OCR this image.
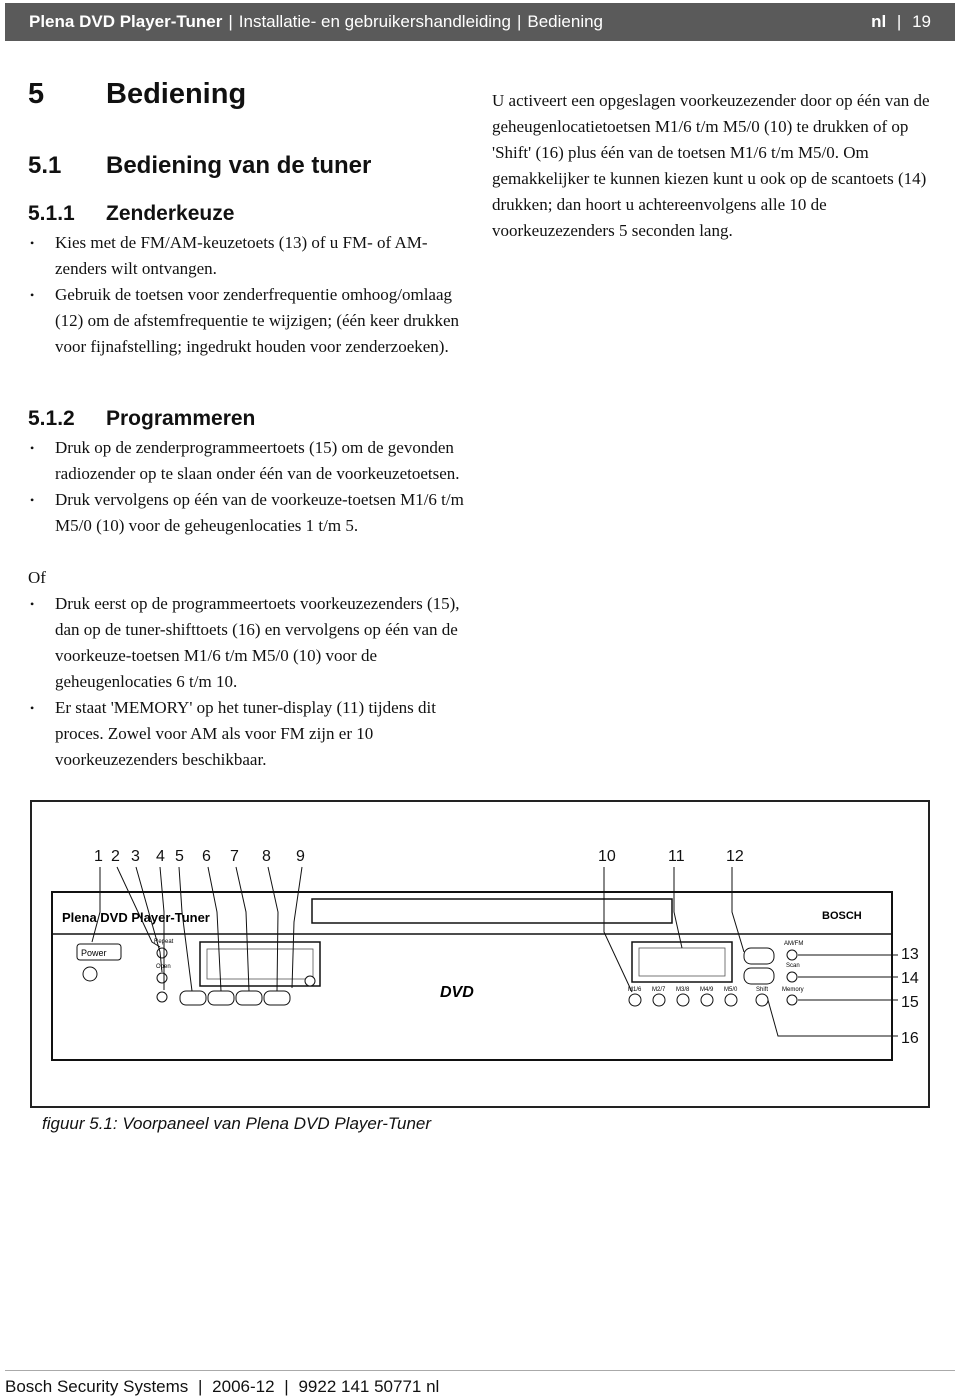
Plena DVD Player-Tuner | Installatie- en gebruikershandleiding | Bediening	nl | 19
5 Bediening
5.1 Bediening van de tuner
5.1.1 Zenderkeuze
• Kies met de FM/AM-keuzetoets (13) of u FM- of AM-zenders wilt ontvangen.
• Gebruik de toetsen voor zenderfrequentie omhoog/omlaag (12) om de afstemfrequentie te wijzigen; (één keer drukken voor fijnafstelling; ingedrukt houden voor zenderzoeken).
5.1.2 Programmeren
• Druk op de zenderprogrammeertoets (15) om de gevonden radiozender op te slaan onder één van de voorkeuzetoetsen.
• Druk vervolgens op één van de voorkeuze-toetsen M1/6 t/m M5/0 (10) voor de geheugenlocaties 1 t/m 5.

Of

• Druk eerst op de programmeertoets voorkeuzezenders (15), dan op de tuner-shifttoets (16) en vervolgens op één van de voorkeuze-toetsen M1/6 t/m M5/0 (10) voor de geheugenlocaties 6 t/m 10.
• Er staat 'MEMORY' op het tuner-display (11) tijdens dit proces. Zowel voor AM als voor FM zijn er 10 voorkeuzezenders beschikbaar.

U activeert een opgeslagen voorkeuzezender door op één van de geheugenlocatietoetsen M1/6 t/m M5/0 (10) te drukken of op 'Shift' (16) plus één van de toetsen M1/6 t/m M5/0. Om gemakkelijker te kunnen kiezen kunt u ook op de scantoets (14) drukken; dan hoort u achtereenvolgens alle 10 de voorkeuzezenders 5 seconden lang.

1 2 3 4 5 6 7 8 9	10	11	12
13
14
15
16
Plena DVD Player-Tuner	BOSCH
Power
Repeat
Open
DVD	M1/6 M2/7 M3/8 M4/9 M5/0	Shift
AM/FM
Scan
Memory
figuur 5.1: Voorpaneel van Plena DVD Player-Tuner
Bosch Security Systems | 2006-12 | 9922 141 50771 nl
